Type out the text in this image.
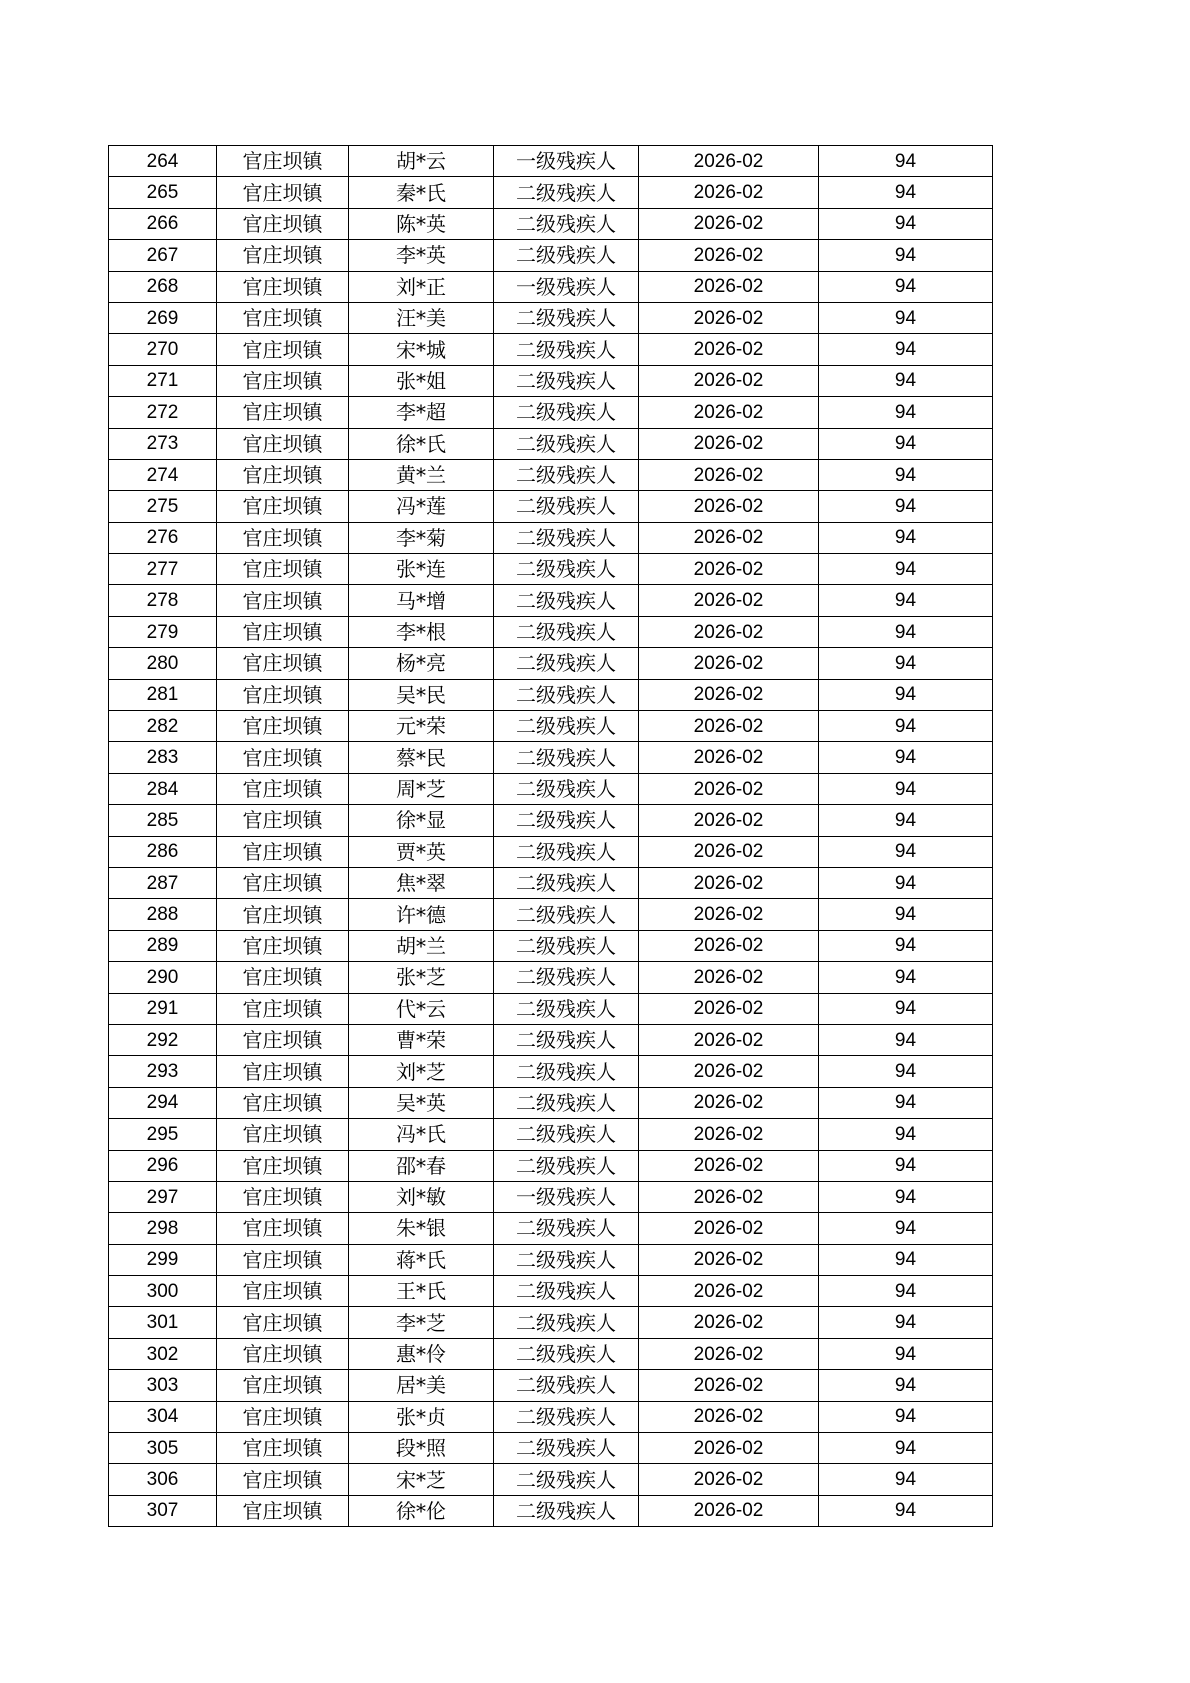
264	官庄坝镇	胡*云	一级残疾人	2026-02	94
265	官庄坝镇	秦*氏	二级残疾人	2026-02	94
266	官庄坝镇	陈*英	二级残疾人	2026-02	94
267	官庄坝镇	李*英	二级残疾人	2026-02	94
268	官庄坝镇	刘*正	一级残疾人	2026-02	94
269	官庄坝镇	汪*美	二级残疾人	2026-02	94
270	官庄坝镇	宋*城	二级残疾人	2026-02	94
271	官庄坝镇	张*姐	二级残疾人	2026-02	94
272	官庄坝镇	李*超	二级残疾人	2026-02	94
273	官庄坝镇	徐*氏	二级残疾人	2026-02	94
274	官庄坝镇	黄*兰	二级残疾人	2026-02	94
275	官庄坝镇	冯*莲	二级残疾人	2026-02	94
276	官庄坝镇	李*菊	二级残疾人	2026-02	94
277	官庄坝镇	张*连	二级残疾人	2026-02	94
278	官庄坝镇	马*增	二级残疾人	2026-02	94
279	官庄坝镇	李*根	二级残疾人	2026-02	94
280	官庄坝镇	杨*亮	二级残疾人	2026-02	94
281	官庄坝镇	吴*民	二级残疾人	2026-02	94
282	官庄坝镇	元*荣	二级残疾人	2026-02	94
283	官庄坝镇	蔡*民	二级残疾人	2026-02	94
284	官庄坝镇	周*芝	二级残疾人	2026-02	94
285	官庄坝镇	徐*显	二级残疾人	2026-02	94
286	官庄坝镇	贾*英	二级残疾人	2026-02	94
287	官庄坝镇	焦*翠	二级残疾人	2026-02	94
288	官庄坝镇	许*德	二级残疾人	2026-02	94
289	官庄坝镇	胡*兰	二级残疾人	2026-02	94
290	官庄坝镇	张*芝	二级残疾人	2026-02	94
291	官庄坝镇	代*云	二级残疾人	2026-02	94
292	官庄坝镇	曹*荣	二级残疾人	2026-02	94
293	官庄坝镇	刘*芝	二级残疾人	2026-02	94
294	官庄坝镇	吴*英	二级残疾人	2026-02	94
295	官庄坝镇	冯*氏	二级残疾人	2026-02	94
296	官庄坝镇	邵*春	二级残疾人	2026-02	94
297	官庄坝镇	刘*敏	一级残疾人	2026-02	94
298	官庄坝镇	朱*银	二级残疾人	2026-02	94
299	官庄坝镇	蒋*氏	二级残疾人	2026-02	94
300	官庄坝镇	王*氏	二级残疾人	2026-02	94
301	官庄坝镇	李*芝	二级残疾人	2026-02	94
302	官庄坝镇	惠*伶	二级残疾人	2026-02	94
303	官庄坝镇	居*美	二级残疾人	2026-02	94
304	官庄坝镇	张*贞	二级残疾人	2026-02	94
305	官庄坝镇	段*照	二级残疾人	2026-02	94
306	官庄坝镇	宋*芝	二级残疾人	2026-02	94
307	官庄坝镇	徐*伦	二级残疾人	2026-02	94
